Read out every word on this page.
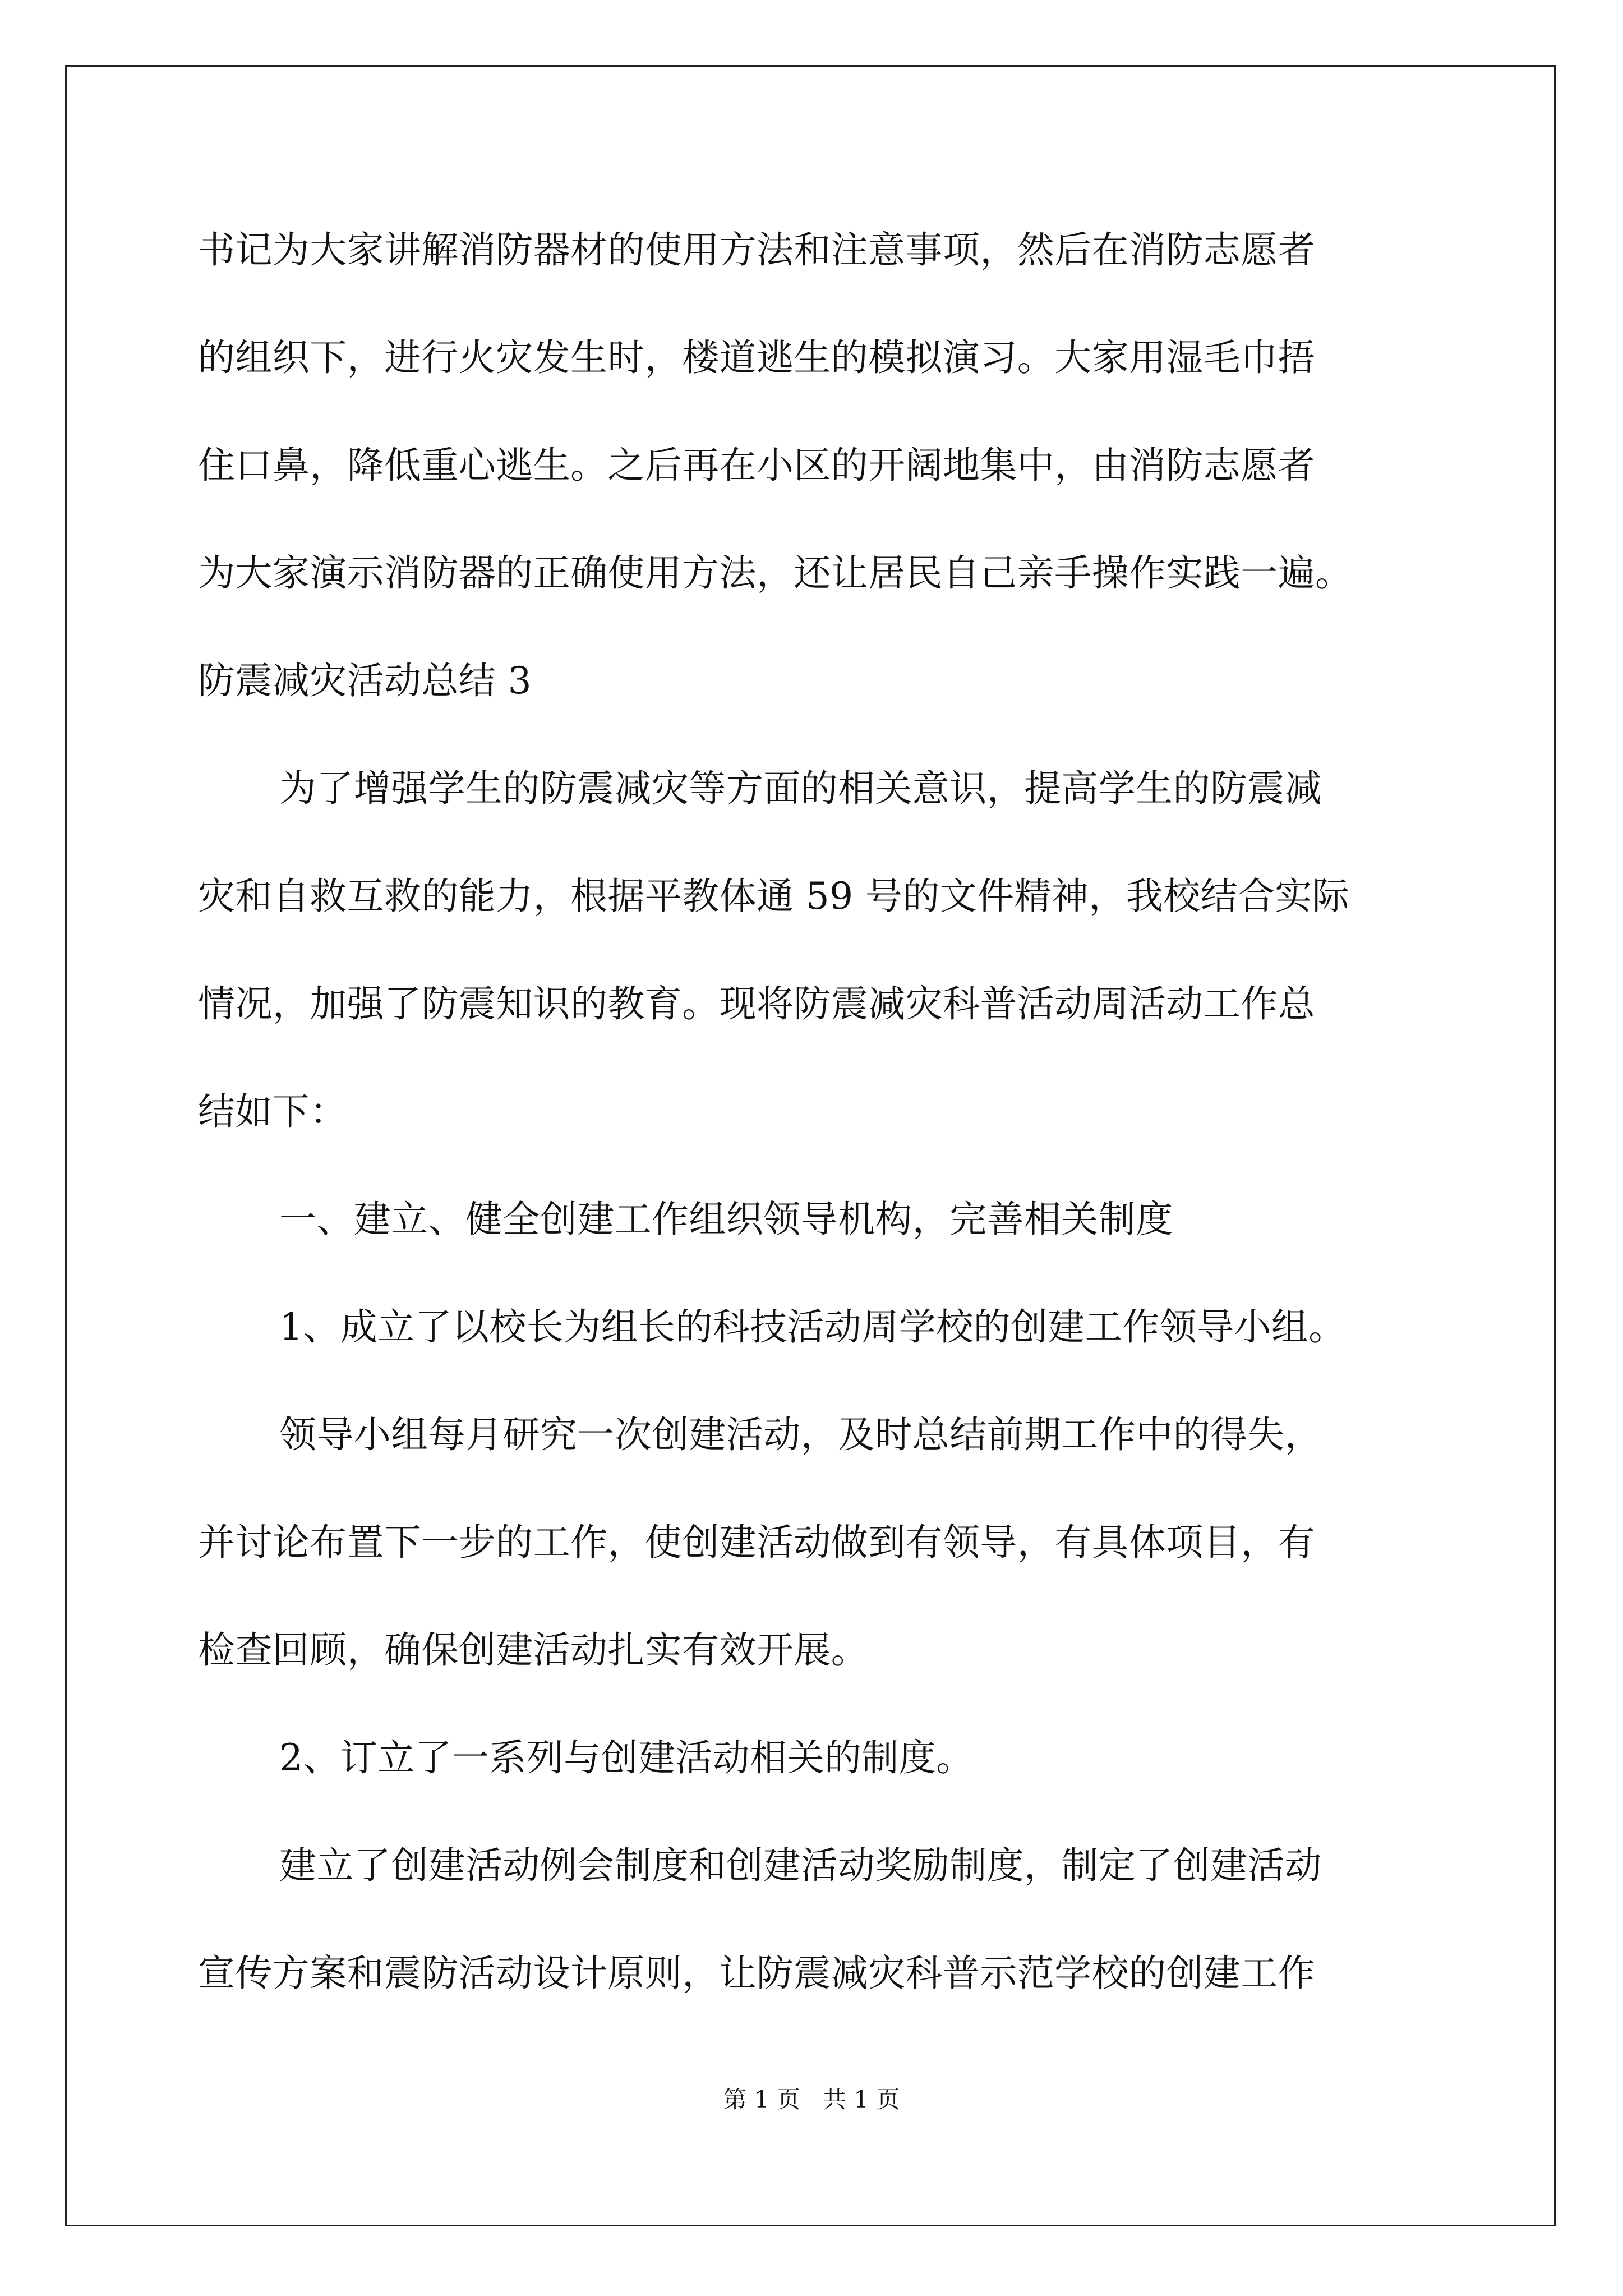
书记为大家讲解消防器材的使用方法和注意事项，然后在消防志愿者
的组织下，进行火灾发生时，楼道逃生的模拟演习。大家用湿毛巾捂
住口鼻，降低重心逃生。之后再在小区的开阔地集中，由消防志愿者
为大家演示消防器的正确使用方法，还让居民自己亲手操作实践一遍。
防震减灾活动总结 3
为了增强学生的防震减灾等方面的相关意识，提高学生的防震减
灾和自救互救的能力，根据平教体通 59 号的文件精神，我校结合实际
情况，加强了防震知识的教育。现将防震减灾科普活动周活动工作总
结如下：
一、建立、健全创建工作组织领导机构，完善相关制度
1、成立了以校长为组长的科技活动周学校的创建工作领导小组。
领导小组每月研究一次创建活动，及时总结前期工作中的得失，
并讨论布置下一步的工作，使创建活动做到有领导，有具体项目，有
检查回顾，确保创建活动扎实有效开展。
2、订立了一系列与创建活动相关的制度。
建立了创建活动例会制度和创建活动奖励制度，制定了创建活动
宣传方案和震防活动设计原则，让防震减灾科普示范学校的创建工作
第 1 页   共 1 页
